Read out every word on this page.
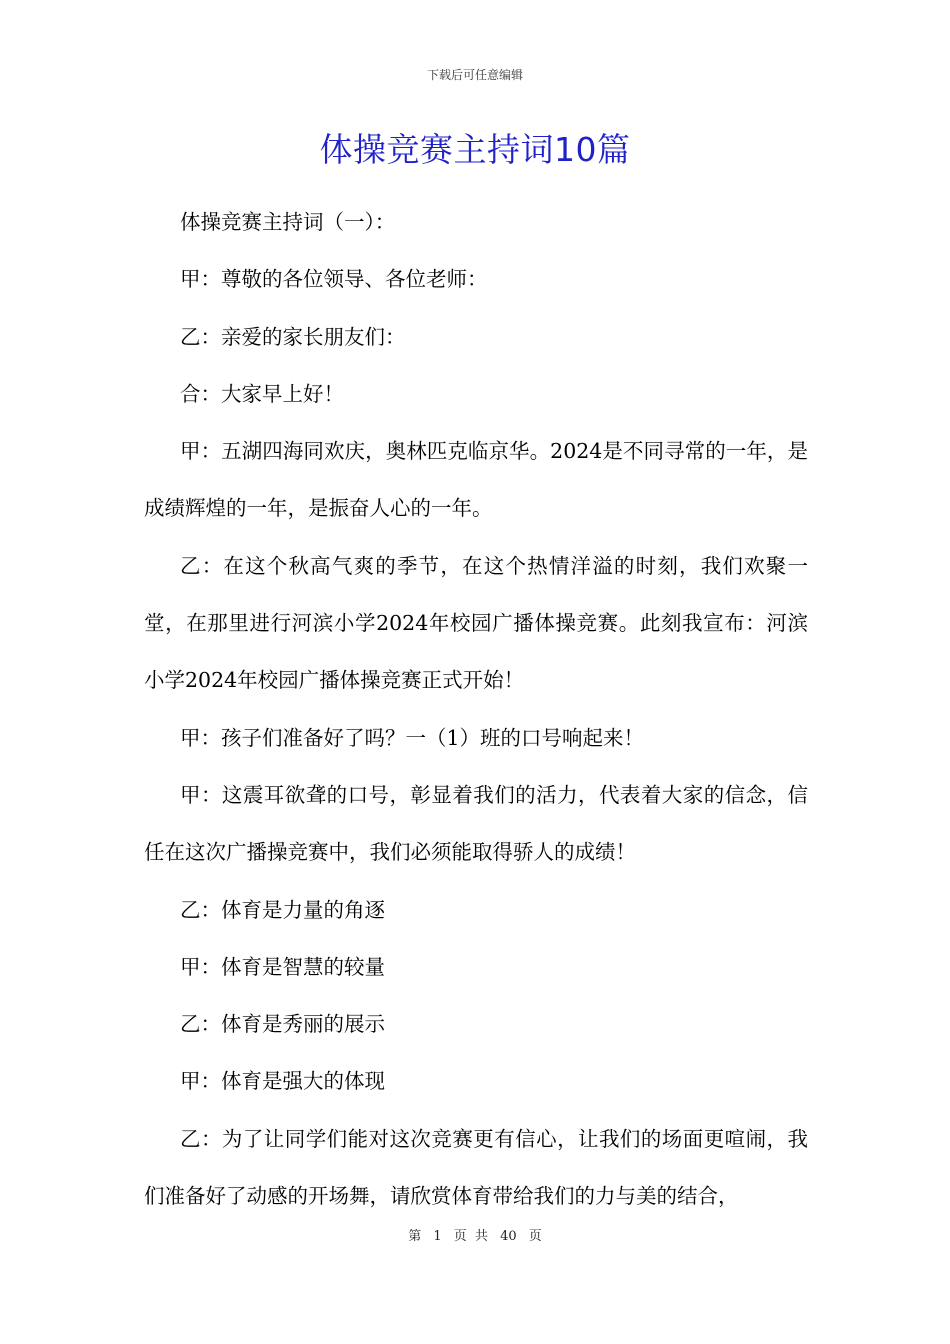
下载后可任意编辑
体操竞赛主持词10篇

体操竞赛主持词（一）：

甲：尊敬的各位领导、各位老师：

乙：亲爱的家长朋友们：

合：大家早上好！

甲：五湖四海同欢庆，奥林匹克临京华。2024是不同寻常的一年，是成绩辉煌的一年，是振奋人心的一年。

乙：在这个秋高气爽的季节，在这个热情洋溢的时刻，我们欢聚一堂，在那里进行河滨小学2024年校园广播体操竞赛。此刻我宣布：河滨小学2024年校园广播体操竞赛正式开始！

甲：孩子们准备好了吗？一（1）班的口号响起来！

甲：这震耳欲聋的口号，彰显着我们的活力，代表着大家的信念，信任在这次广播操竞赛中，我们必须能取得骄人的成绩！

乙：体育是力量的角逐

甲：体育是智慧的较量

乙：体育是秀丽的展示

甲：体育是强大的体现

乙：为了让同学们能对这次竞赛更有信心，让我们的场面更喧闹，我们准备好了动感的开场舞，请欣赏体育带给我们的力与美的结合，

第 1 页 共 40 页
